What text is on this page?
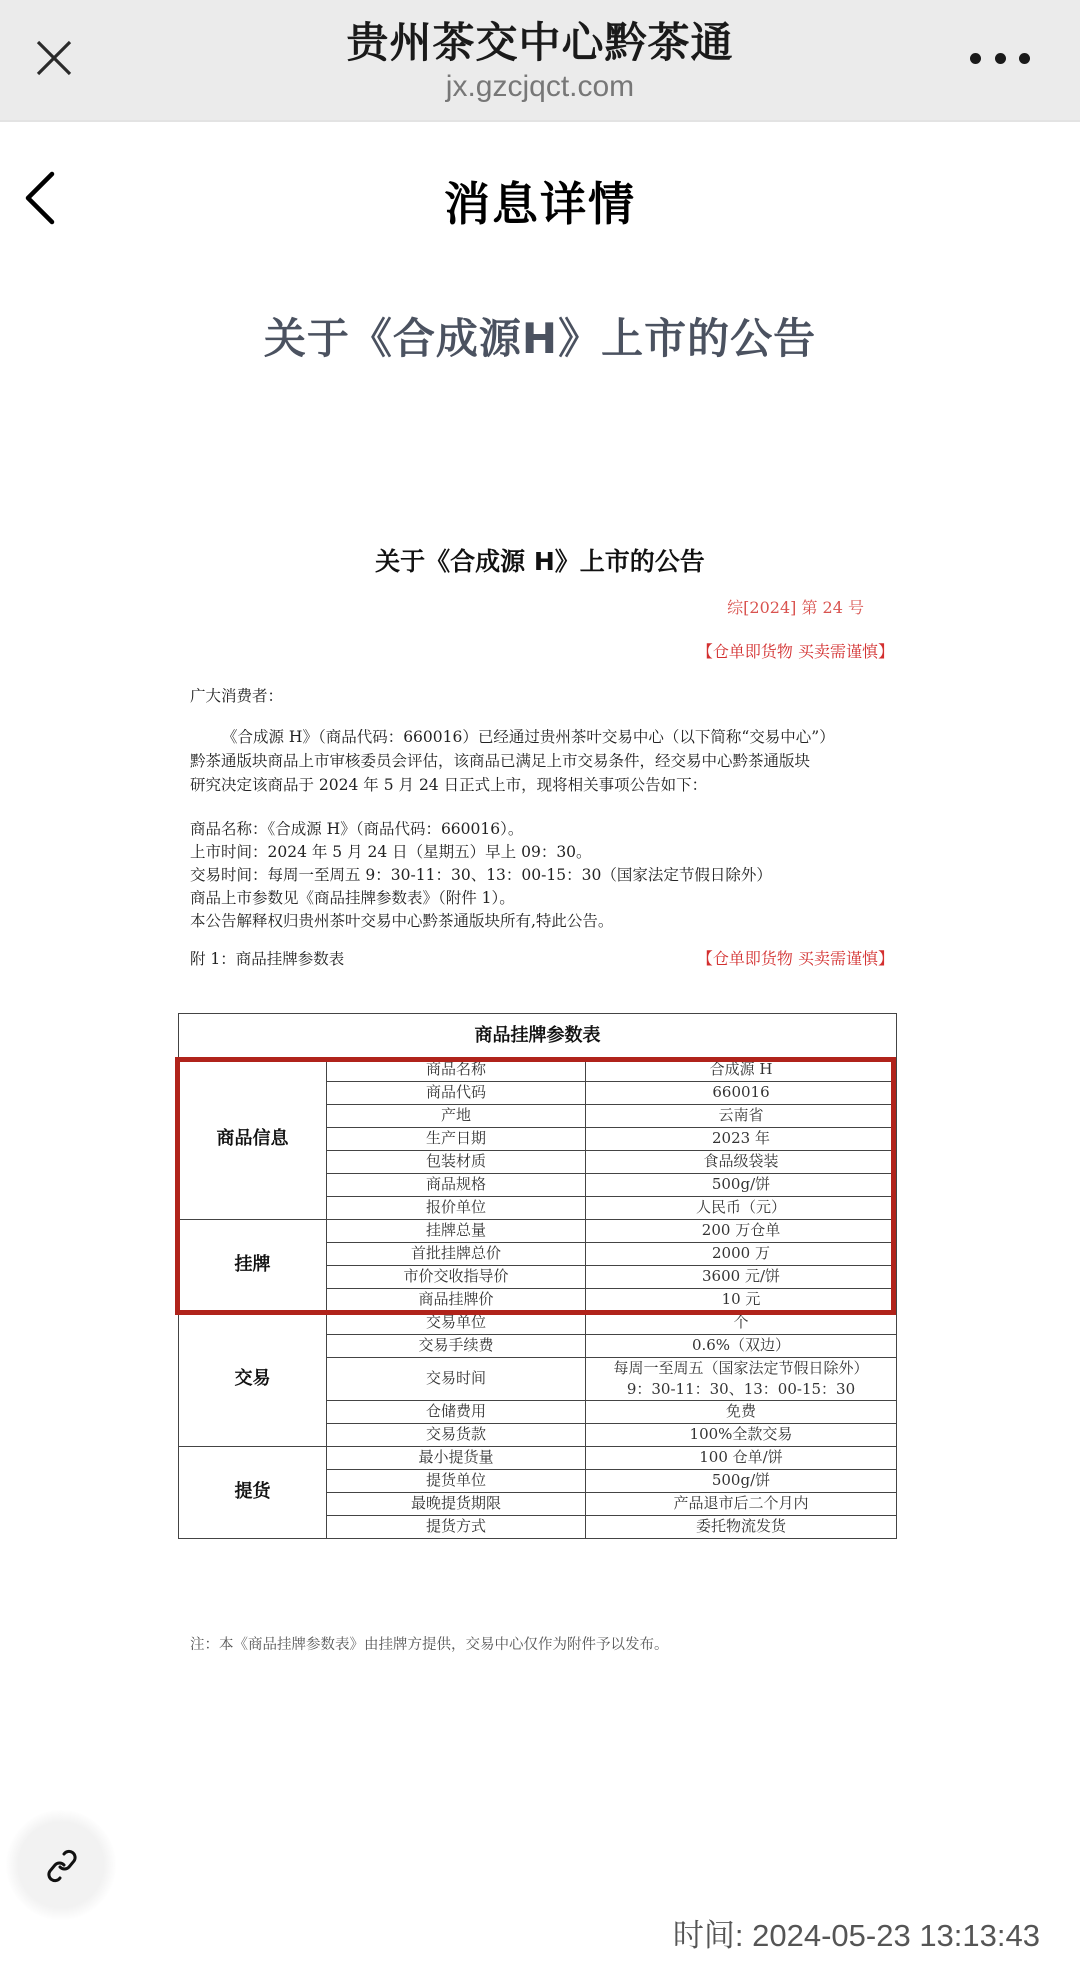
贵州茶交中心黔茶通
jx.gzcjqct.com
消息详情
关于《合成源H》上市的公告
关于《合成源 H》上市的公告
综[2024] 第 24 号
【仓单即货物 买卖需谨慎】
广大消费者：
《合成源 H》（商品代码：660016）已经通过贵州茶叶交易中心（以下简称“交易中心”）
黔茶通版块商品上市审核委员会评估，该商品已满足上市交易条件，经交易中心黔茶通版块
研究决定该商品于 2024 年 5 月 24 日正式上市，现将相关事项公告如下：
商品名称：《合成源 H》（商品代码：660016）。
上市时间：2024 年 5 月 24 日（星期五）早上 09：30。
交易时间：每周一至周五 9：30-11：30、13：00-15：30（国家法定节假日除外）
商品上市参数见《商品挂牌参数表》（附件 1）。
本公告解释权归贵州茶叶交易中心黔茶通版块所有,特此公告。
附 1：商品挂牌参数表	【仓单即货物 买卖需谨慎】
商品挂牌参数表		
商品信息	商品名称	合成源 H
	商品代码	660016
	产地	云南省
	生产日期	2023 年
	包装材质	食品级袋装
	商品规格	500g/饼
	报价单位	人民币（元）
挂牌	挂牌总量	200 万仓单
	首批挂牌总价	2000 万
	市价交收指导价	3600 元/饼
	商品挂牌价	10 元
交易	交易单位	个
	交易手续费	0.6%（双边）
	交易时间	每周一至周五（国家法定节假日除外）
9：30-11：30、13：00-15：30

	仓储费用	免费
	交易货款	100%全款交易
提货	最小提货量	100 仓单/饼
	提货单位	500g/饼
	最晚提货期限	产品退市后二个月内
	提货方式	委托物流发货
注：本《商品挂牌参数表》由挂牌方提供，交易中心仅作为附件予以发布。
时间: 2024-05-23 13:13:43
